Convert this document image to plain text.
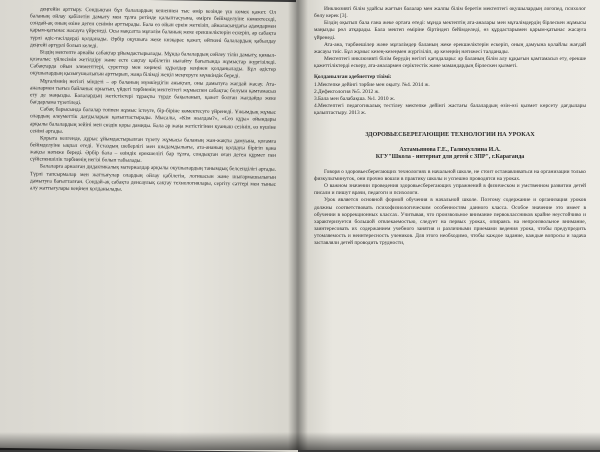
деңгейін арттыру. Сондықтан бұл балалардың кешеннен тыс өмір кезінде үш көмек қажет. Ол баланың ойлау қабілетін дамыту мен тұлға ретінде қалыптасуына, өмірге бейімделуіне көмектеседі, сондай-ақ оның өзіне деген сенімін арттырады. Бала өз ойын еркін жеткізіп, айналасындағы адамдармен қарым-қатынас жасауға үйренеді. Осы мақсатта мұғалім баланың жеке ерекшеліктерін ескеріп, әр сабақта түрлі әдіс-тәсілдерді қолданады. Әрбір оқушыға жеке көзқарас қажет, өйткені балалардың қабылдау деңгейі әртүрлі болып келеді.

Біздің мектепте арнайы сабақтар ұйымдастырылады. Мұнда балалардың сөйлеу тілін дамыту, қимыл-қозғалыс үйлесімін жетілдіру және есте сақтау қабілетін нығайту бағытында жұмыстар жүргізіледі. Сабақтарда ойын элементтері, суреттер мен көрнекі құралдар кеңінен қолданылады. Бұл әдістер оқушылардың қызығушылығын арттырып, жаңа білімді жеңіл меңгеруге мүмкіндік береді.

Мұғалімнің негізгі міндеті – әр баланың мүмкіндігін анықтап, оны дамытуға жағдай жасау. Ата-аналармен тығыз байланыс орнатып, үйдегі тәрбиенің мектептегі жұмыспен сабақтас болуын қамтамасыз ету де маңызды. Балалардың жетістіктері тұрақты түрде бақыланып, қажет болған жағдайда жеке бағдарлама түзетіледі.

Сабақ барысында балалар топпен жұмыс істеуге, бір-біріне көмектесуге үйренеді. Ұжымдық жұмыс олардың әлеуметтік дағдыларын қалыптастырады. Мысалы, «Кім жылдам?», «Сөз құра» ойындары арқылы балалардың зейіні мен сөздік қоры дамиды. Бала әр жаңа жетістігінен қуаныш сезініп, өз күшіне сенімі артады.

Қорыта келгенде, дұрыс ұйымдастырылған түзету жұмысы баланың жан-жақты дамуына, қоғамға бейімделуіне ықпал етеді. Ұстаздың шеберлігі мен шыдамдылығы, ата-ананың қолдауы бірігіп қана жақсы нәтиже береді. Әрбір бала – өзіндік ерекшелігі бар тұлға, сондықтан оған деген құрмет пен сүйіспеншілік тәрбиенің негізі болып табылады.

Балаларға арналған дидактикалық материалдар арқылы оқушылардың танымдық белсенділігі артады. Түрлі тапсырмалар мен жаттығулар олардың ойлау қабілетін, логикасын және шығармашылығын дамытуға бағытталған. Сондай-ақ сабақта денсаулық сақтау технологиялары, сергіту сәттері мен тыныс алу жаттығулары кеңінен қолданылады.

Инклюзивті білім удайсы жағтын балалар мен жалпы білім беретін мектептегі оқушылардың логопед, психолог бөлу керек [3].

Біздің оқытып бала ғана жеке ортаға өтеді: мұнда мектептің ата-аналары мен мұғалімдердің бірлескен жұмысы маңызды рөл атқарады. Бала мектеп өміріне біртіндеп бейімделеді, өз құрдастарымен қарым-қатынас жасауға үйренеді.

Ата-ана, тәрбиешілер және мұғалімдер баланың жеке ерекшеліктерін ескеріп, оның дамуына қолайлы жағдай жасауы тиіс. Бұл жұмыс кезең-кезеңмен жүргізіліп, әр кезеңнің нәтижесі талданады.

Мектептегі инклюзивті білім берудің негізгі қағидалары: әр баланың білім алу құқығын қамтамасыз ету, ерекше қажеттіліктерді ескеру, ата-аналармен серіктестік және мамандардың бірлескен қызметі.

Қолданылған әдебиеттер тізімі:

1.Мектепке дейінгі тәрбие мен оқыту. №4. 2014 ж.

2.Дефектология №5. 2012 ж.

3.Бала мен балабақша. №1. 2010 ж.

4.Мектептегі педагогикалық тестілеу мектепке дейінгі жастағы балалардың өзін-өзі қызмет көрсету дағдылары қалыптастыру. 2013 ж.

ЗДОРОВЬЕСБЕРЕГАЮЩИЕ ТЕХНОЛОГИИ НА УРОКАХ

Ахтамьянова Г.Е., Галимуллина И.А.

КГУ"Школа - интернат для детей с ЗПР", г.Караганда

Говоря о здоровьесберегающих технологиях в начальной школе, не стоит останавливаться на организации только физкультминуток, они прочно вошли в практику школы и успешно проводятся на уроках.

О важном значении проведения здоровьесберегающих упражнений в физическом и умственном развитии детей писали и пишут врачи, педагоги и психологи.

Урок является основной формой обучения в начальной школе. Поэтому содержание и организация уроков должны соответствовать психофизиологическим особенностям данного класса. Особое значение это имеет в обучении в коррекционных классах. Учитывая, что произвольное внимание первоклассников крайне неустойчиво и характеризуется большой отвлекаемостью, следует на первых уроках, опираясь на непроизвольное внимание, заинтересовать их содержанием учебного занятия и различными приемами ведения урока, чтобы предупредить утомляемость и неинтересность учеников. Для этого необходимо, чтобы каждое задание, каждые вопросы и задача заставляли детей проводить трудности,
